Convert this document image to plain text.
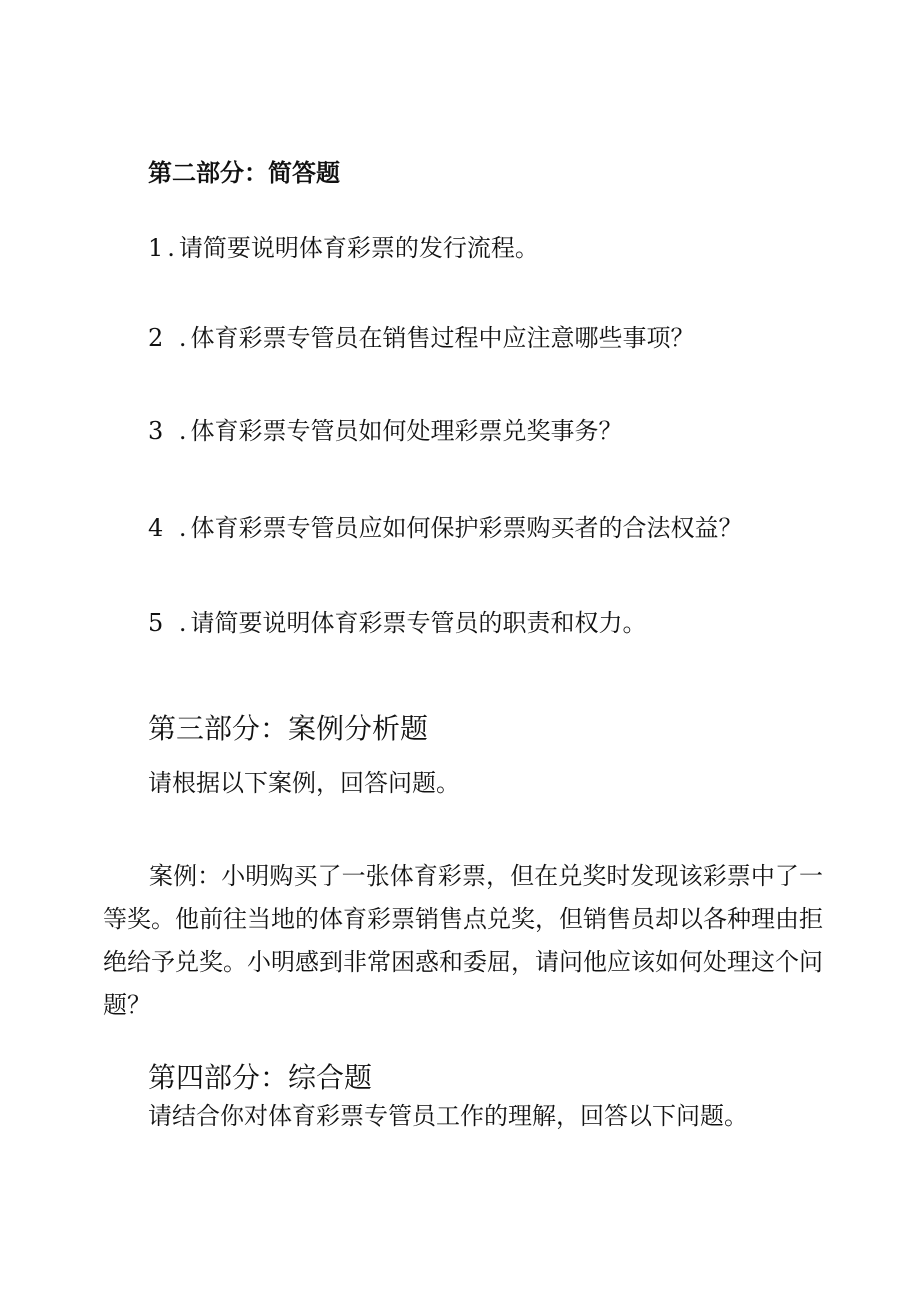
第二部分：简答题

1.请简要说明体育彩票的发行流程。

2 .体育彩票专管员在销售过程中应注意哪些事项？

3 .体育彩票专管员如何处理彩票兑奖事务？

4 .体育彩票专管员应如何保护彩票购买者的合法权益？

5 .请简要说明体育彩票专管员的职责和权力。

第三部分：案例分析题

请根据以下案例，回答问题。

案例：小明购买了一张体育彩票，但在兑奖时发现该彩票中了一等奖。他前往当地的体育彩票销售点兑奖，但销售员却以各种理由拒绝给予兑奖。小明感到非常困惑和委屈，请问他应该如何处理这个问题？

第四部分：综合题

请结合你对体育彩票专管员工作的理解，回答以下问题。
